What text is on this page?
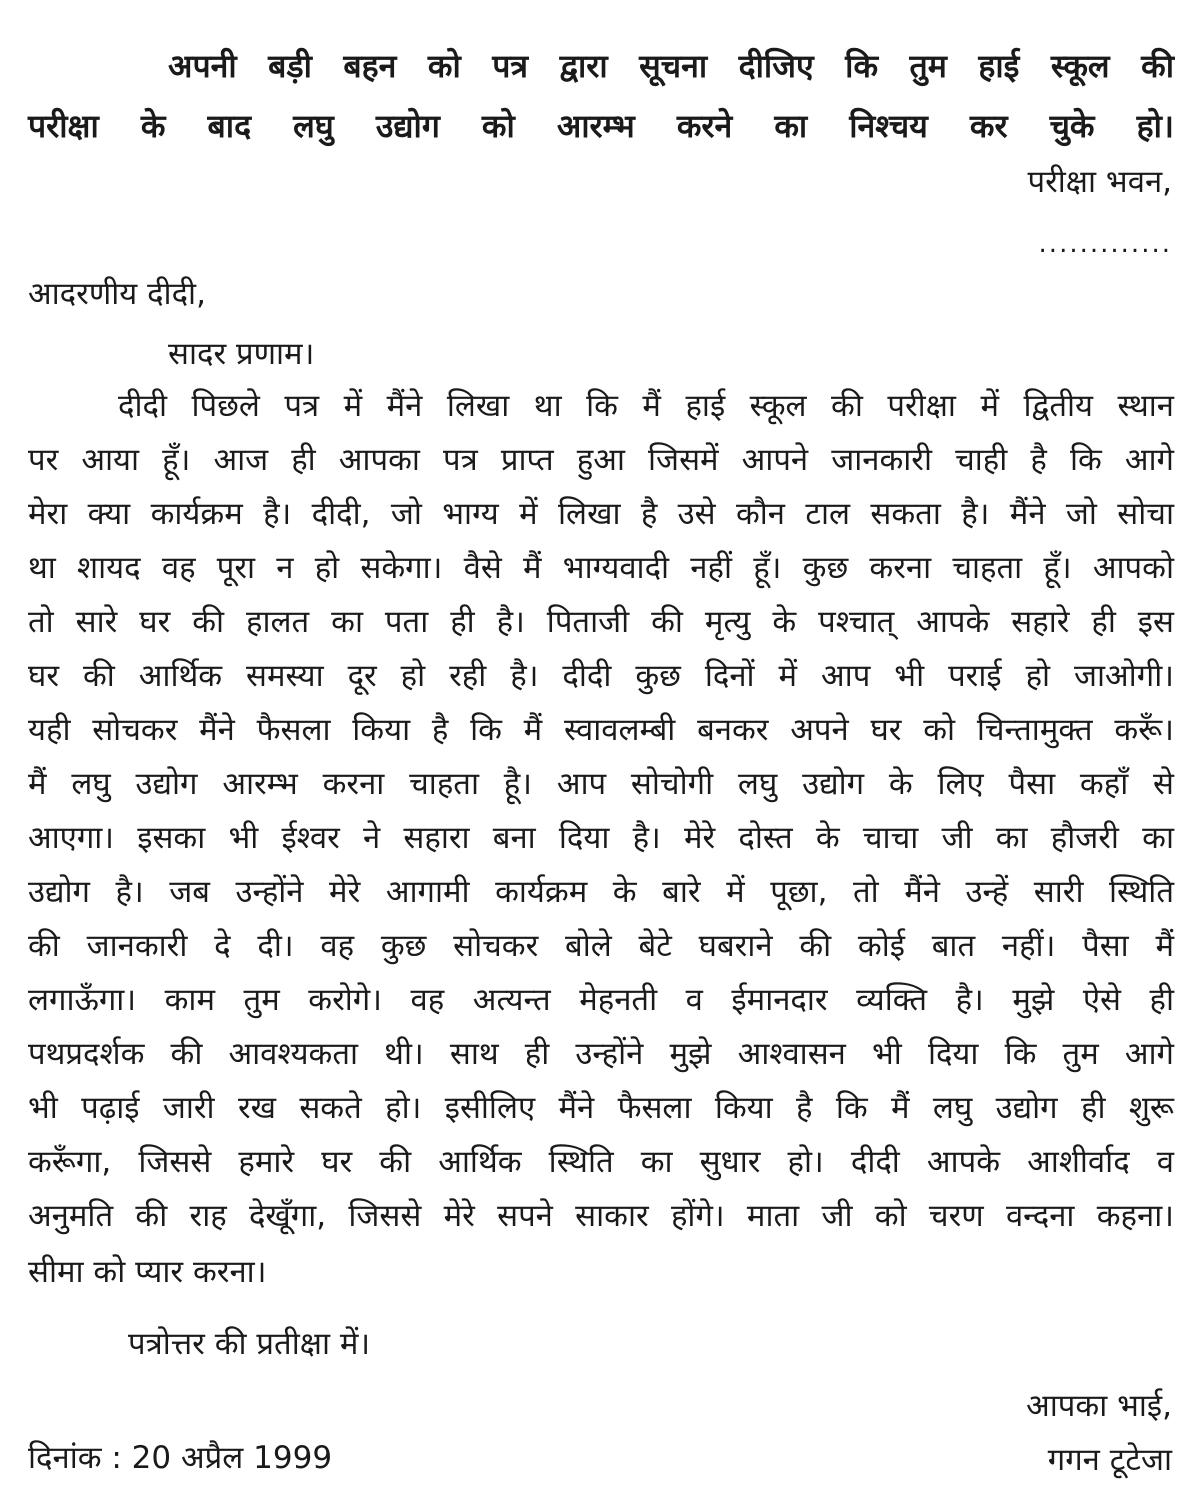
अपनी बड़ी बहन को पत्र द्वारा सूचना दीजिए कि तुम हाई स्कूल की
परीक्षा के बाद लघु उद्योग को आरम्भ करने का निश्चय कर चुके हो।
परीक्षा भवन,
.............
आदरणीय दीदी,
सादर प्रणाम।
दीदी पिछले पत्र में मैंने लिखा था कि मैं हाई स्कूल की परीक्षा में द्वितीय स्थान
पर आया हूँ। आज ही आपका पत्र प्राप्त हुआ जिसमें आपने जानकारी चाही है कि आगे
मेरा क्या कार्यक्रम है। दीदी, जो भाग्य में लिखा है उसे कौन टाल सकता है। मैंने जो सोचा
था शायद वह पूरा न हो सकेगा। वैसे मैं भाग्यवादी नहीं हूँ। कुछ करना चाहता हूँ। आपको
तो सारे घर की हालत का पता ही है। पिताजी की मृत्यु के पश्चात् आपके सहारे ही इस
घर की आर्थिक समस्या दूर हो रही है। दीदी कुछ दिनों में आप भी पराई हो जाओगी।
यही सोचकर मैंने फैसला किया है कि मैं स्वावलम्बी बनकर अपने घर को चिन्तामुक्त करूँ।
मैं लघु उद्योग आरम्भ करना चाहता हूै। आप सोचोगी लघु उद्योग के लिए पैसा कहाँ से
आएगा। इसका भी ईश्वर ने सहारा बना दिया है। मेरे दोस्त के चाचा जी का हौजरी का
उद्योग है। जब उन्होंने मेरे आगामी कार्यक्रम के बारे में पूछा, तो मैंने उन्हें सारी स्थिति
की जानकारी दे दी। वह कुछ सोचकर बोले बेटे घबराने की कोई बात नहीं। पैसा मैं
लगाऊँगा। काम तुम करोगे। वह अत्यन्त मेहनती व ईमानदार व्यक्ति है। मुझे ऐसे ही
पथप्रदर्शक की आवश्यकता थी। साथ ही उन्होंने मुझे आश्वासन भी दिया कि तुम आगे
भी पढ़ाई जारी रख सकते हो। इसीलिए मैंने फैसला किया है कि मैं लघु उद्योग ही शुरू
करूँगा, जिससे हमारे घर की आर्थिक स्थिति का सुधार हो। दीदी आपके आशीर्वाद व
अनुमति की राह देखूँगा, जिससे मेरे सपने साकार होंगे। माता जी को चरण वन्दना कहना।
सीमा को प्यार करना।
पत्रोत्तर की प्रतीक्षा में।
आपका भाई,
गगन टूटेजा
दिनांक : 20 अप्रैल 1999
